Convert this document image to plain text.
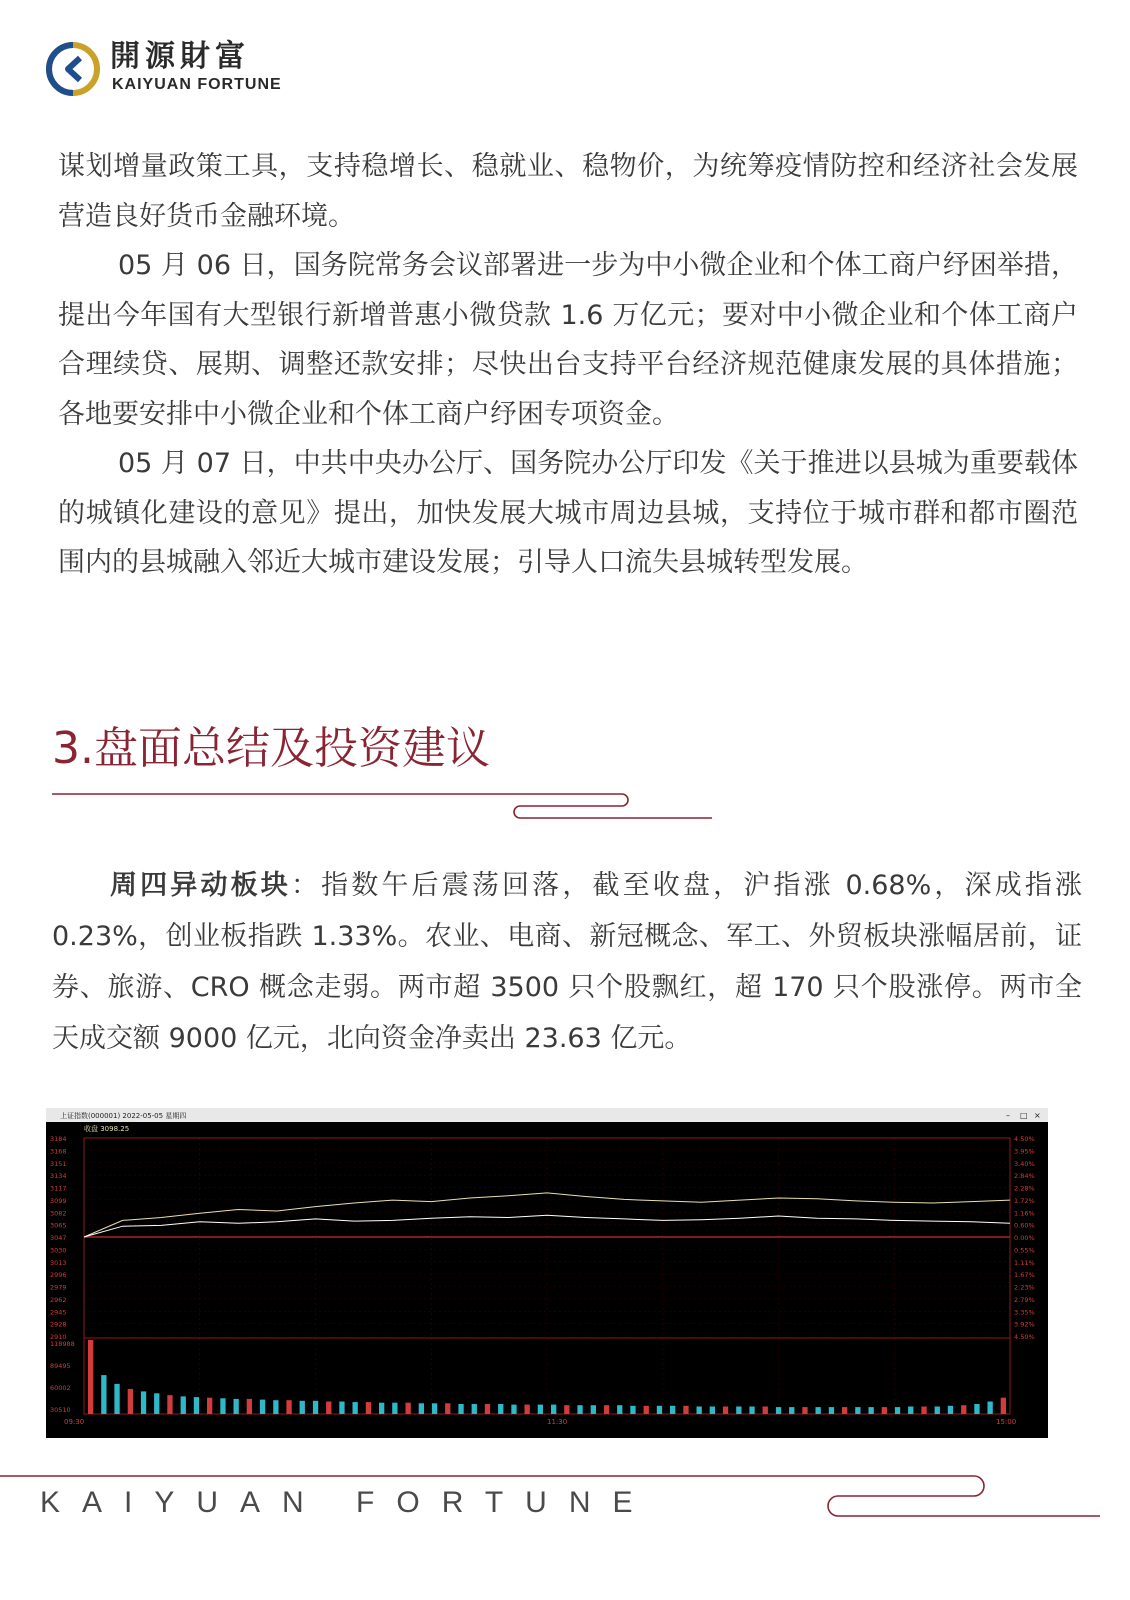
開源財富
KAIYUAN FORTUNE

谋划增量政策工具，支持稳增长、稳就业、稳物价，为统筹疫情防控和经济社会发展营造良好货币金融环境。

05 月 06 日，国务院常务会议部署进一步为中小微企业和个体工商户纾困举措，提出今年国有大型银行新增普惠小微贷款 1.6 万亿元；要对中小微企业和个体工商户合理续贷、展期、调整还款安排；尽快出台支持平台经济规范健康发展的具体措施；各地要安排中小微企业和个体工商户纾困专项资金。

05 月 07 日，中共中央办公厅、国务院办公厅印发《关于推进以县城为重要载体的城镇化建设的意见》提出，加快发展大城市周边县城，支持位于城市群和都市圈范围内的县城融入邻近大城市建设发展；引导人口流失县城转型发展。

3.盘面总结及投资建议

周四异动板块：指数午后震荡回落，截至收盘，沪指涨 0.68%，深成指涨 0.23%，创业板指跌 1.33%。农业、电商、新冠概念、军工、外贸板块涨幅居前，证券、旅游、CRO 概念走弱。两市超 3500 只个股飘红，超 170 只个股涨停。两市全天成交额 9000 亿元，北向资金净卖出 23.63 亿元。

上证指数(000001) 2022-05-05 星期四	– □ ×
收盘 3098.25
3184
3168
3151
3134
3117
3099
3082
3065
3047
3030
3013
2996
2979
2962
2945
2928
2910
4.50%
3.95%
3.40%
2.84%
2.28%
1.72%
1.16%
0.60%
0.00%
0.55%
1.11%
1.67%
2.23%
2.79%
3.35%
3.92%
4.50%
118988
89495
60002
30510
09:30	11:30	15:00
KAIYUAN FORTUNE
